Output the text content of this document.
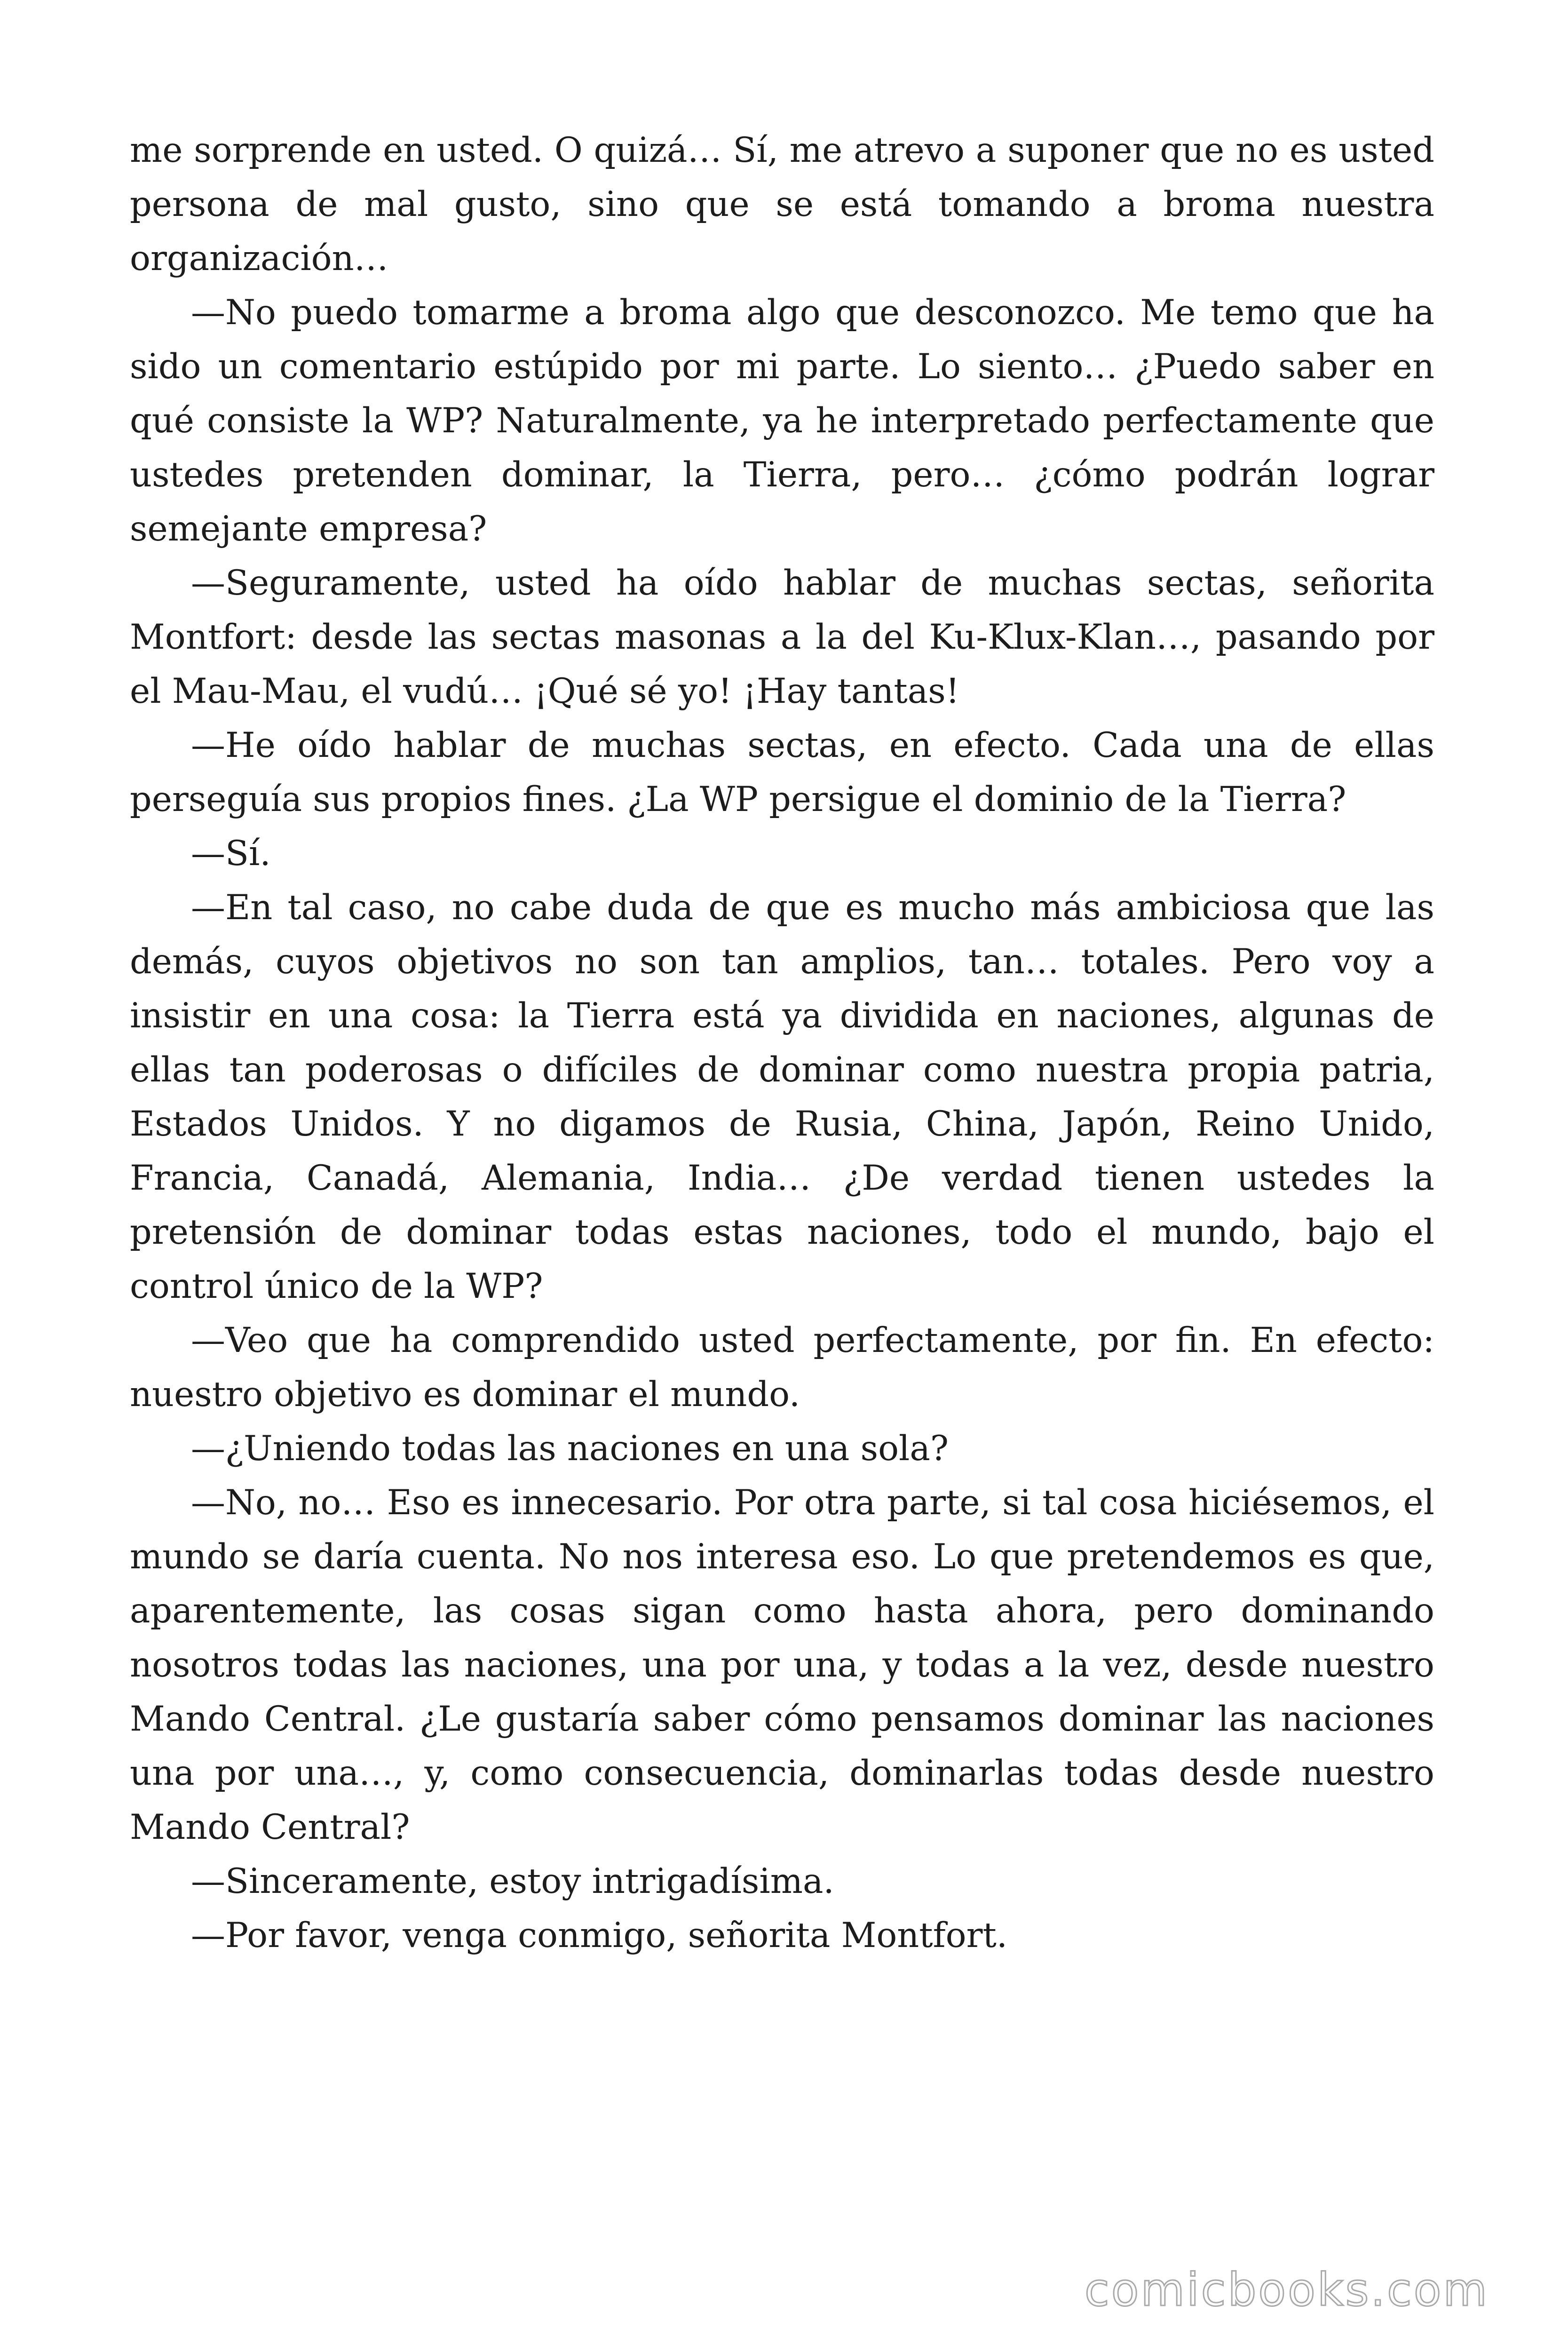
me sorprende en usted. O quizá… Sí, me atrevo a suponer que no es usted persona de mal gusto, sino que se está tomando a broma nuestra organización…

—No puedo tomarme a broma algo que desconozco. Me temo que ha sido un comentario estúpido por mi parte. Lo siento… ¿Puedo saber en qué consiste la WP? Naturalmente, ya he interpretado perfectamente que ustedes pretenden dominar, la Tierra, pero… ¿cómo podrán lograr semejante empresa?

—Seguramente, usted ha oído hablar de muchas sectas, señorita Montfort: desde las sectas masonas a la del Ku-Klux-Klan…, pasando por el Mau-Mau, el vudú… ¡Qué sé yo! ¡Hay tantas!

—He oído hablar de muchas sectas, en efecto. Cada una de ellas perseguía sus propios fines. ¿La WP persigue el dominio de la Tierra?

—Sí.

—En tal caso, no cabe duda de que es mucho más ambiciosa que las demás, cuyos objetivos no son tan amplios, tan… totales. Pero voy a insistir en una cosa: la Tierra está ya dividida en naciones, algunas de ellas tan poderosas o difíciles de dominar como nuestra propia patria, Estados Unidos. Y no digamos de Rusia, China, Japón, Reino Unido, Francia, Canadá, Alemania, India… ¿De verdad tienen ustedes la pretensión de dominar todas estas naciones, todo el mundo, bajo el control único de la WP?

—Veo que ha comprendido usted perfectamente, por fin. En efecto: nuestro objetivo es dominar el mundo.

—¿Uniendo todas las naciones en una sola?

—No, no… Eso es innecesario. Por otra parte, si tal cosa hiciésemos, el mundo se daría cuenta. No nos interesa eso. Lo que pretendemos es que, aparentemente, las cosas sigan como hasta ahora, pero dominando nosotros todas las naciones, una por una, y todas a la vez, desde nuestro Mando Central. ¿Le gustaría saber cómo pensamos dominar las naciones una por una…, y, como consecuencia, dominarlas todas desde nuestro Mando Central?

—Sinceramente, estoy intrigadísima.

—Por favor, venga conmigo, señorita Montfort.

comicbooks.com
